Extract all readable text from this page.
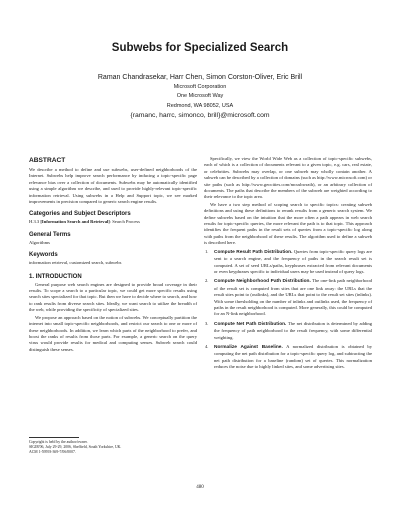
Subwebs for Specialized Search
Raman Chandrasekar, Harr Chen, Simon Corston-Oliver, Eric Brill
Microsoft Corporation
One Microsoft Way
Redmond, WA 98052, USA
{ramanc, harrc, simonco, brill}@microsoft.com
ABSTRACT
We describe a method to define and use subwebs, user-defined neighborhoods of the Internet. Subwebs help improve search performance by inducing a topic-specific page relevance bias over a collection of documents. Subwebs may be automatically identified using a simple algorithm we describe, and used to provide highly-relevant topic-specific information retrieval. Using subwebs in a Help and Support topic, we see marked improvements in precision compared to generic search engine results.
Categories and Subject Descriptors
H.3.3 [Information Search and Retrieval]: Search Process
General Terms
Algorithms
Keywords
information retrieval, customized search, subwebs
1. INTRODUCTION
General purpose web search engines are designed to provide broad coverage in their results. To scope a search to a particular topic, we could get more specific results using search sites specialized for that topic. But then we have to decide where to search, and how to rank results from diverse search sites. Ideally, we want search to utilize the breadth of the web, while providing the specificity of specialized sites.
We propose an approach based on the notion of subwebs. We conceptually partition the internet into small topic-specific neighborhoods, and restrict our search to one or more of these neighborhoods. In addition, we learn which parts of the neighborhood to prefer, and boost the ranks of results from those parts. For example, a generic search on the query virus would provide results for medical and computing senses. Subweb search could distinguish these senses.
Copyright is held by the author/owner.
SIGIR'06, July 29-29, 2006, Sheffield, South Yorkshire, UK.
ACM 1-59593-369-7/06/0007.
Specifically, we view the World Wide Web as a collection of topic-specific subwebs, each of which is a collection of documents relevant to a given topic, e.g. cars, real estate, or celebrities. Subwebs may overlap, or one subweb may wholly contain another. A subweb can be described by a collection of domains (such as http://www.microsoft.com) or site paths (such as http://www.geocities.com/mcusbwrath), or an arbitrary collection of documents. The paths that describe the members of the subweb are weighted according to their relevance to the topic area.
We have a two step method of scoping search to specific topics: creating subweb definitions and using these definitions to rerank results from a generic search system. We define subwebs based on the intuition that the more often a path appears in web search results for topic-specific queries, the more relevant the path is to that topic. This approach identifies the frequent paths in the result sets of queries from a topic-specific log along with paths from the neighborhood of these results. The algorithm used to define a subweb is described here.
1. Compute Result Path Distribution. Queries from topic-specific query logs are sent to a search engine, and the frequency of paths in the search result set is computed. A set of seed URLs/paths, keyphrases extracted from relevant documents or even keyphrases specific to individual users may be used instead of query logs.
2. Compute Neighborhood Path Distribution. The one-link path neighborhood of the result set is computed from sites that are one link away: the URLs that the result sites point to (outlinks), and the URLs that point to the result set sites (inlinks). With some thresholding on the number of inlinks and outlinks used, the frequency of paths in the result neighborhood is computed. More generally, this could be computed for an N-link neighborhood.
3. Compute Net Path Distribution. The net distribution is determined by adding the frequency of path neighborhood to the result frequency, with some differential weighting.
4. Normalize Against Baseline. A normalized distribution is obtained by computing the net path distribution for a topic-specific query log, and subtracting the net path distribution for a baseline (random) set of queries. This normalization reduces the noise due to highly linked sites, and some advertising sites.
480
